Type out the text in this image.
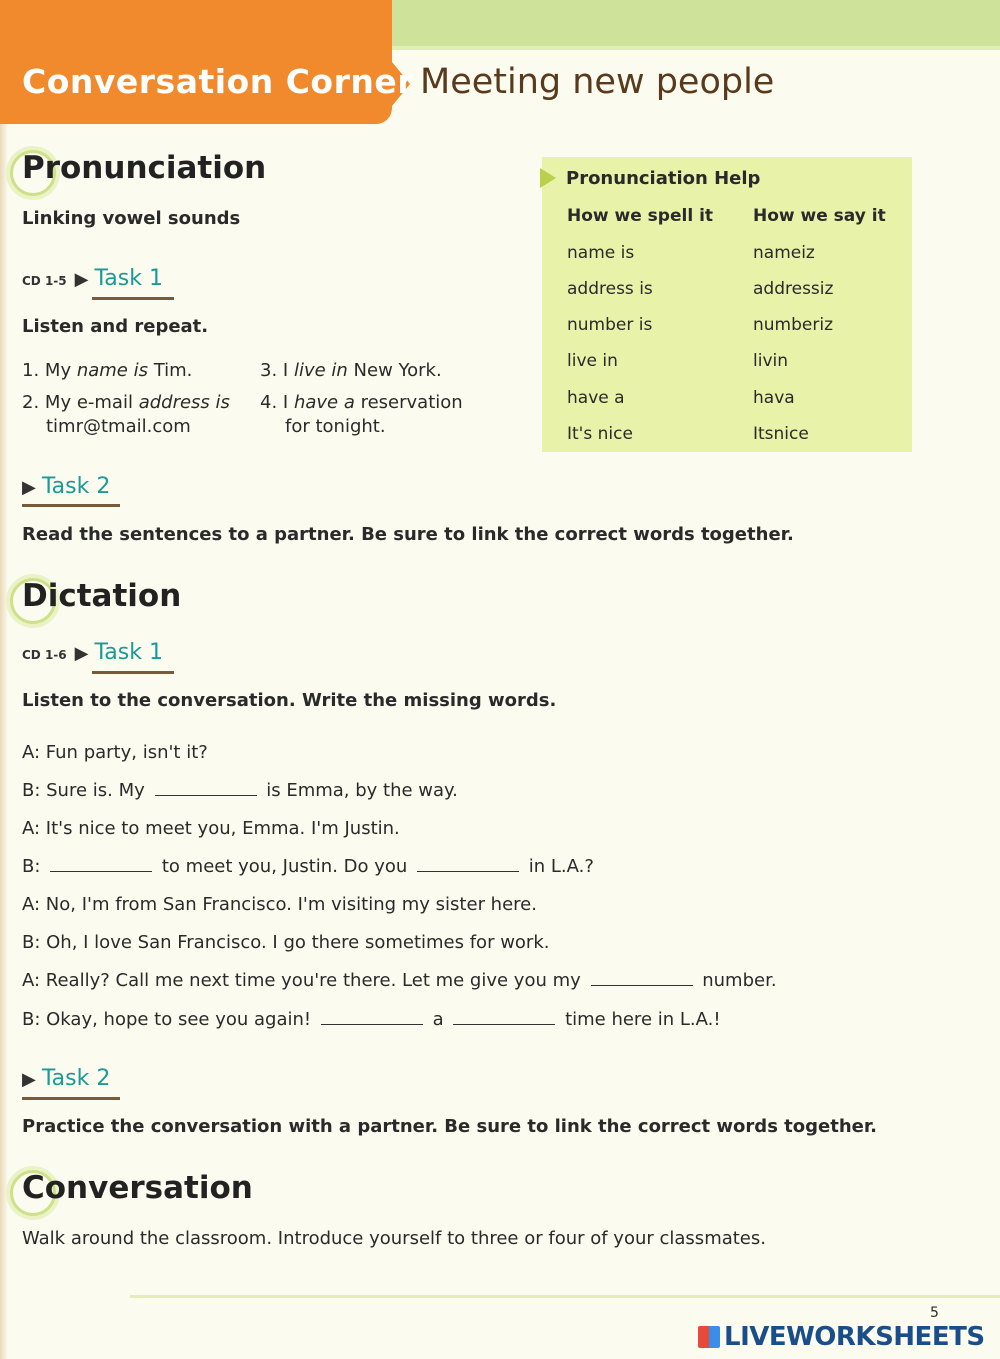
Conversation Corner Meeting new people
Pronunciation
Linking vowel sounds
CD 1-5 ▶ Task 1
Listen and repeat.
1. My name is Tim.
2. My e-mail address is
timr@tmail.com
3. I live in New York.
4. I have a reservation
for tonight.
Pronunciation Help
How we spell it How we say it
name is	nameiz
address is	addressiz
number is	numberiz
live in	livin
have a	hava
It's nice	Itsnice
▶ Task 2
Read the sentences to a partner. Be sure to link the correct words together.
Dictation
CD 1-6 ▶ Task 1
Listen to the conversation. Write the missing words.
A: Fun party, isn't it?
B: Sure is. My	is Emma, by the way.
A: It's nice to meet you, Emma. I'm Justin.
B:	to meet you, Justin. Do you	in L.A.?
A: No, I'm from San Francisco. I'm visiting my sister here.
B: Oh, I love San Francisco. I go there sometimes for work.
A: Really? Call me next time you're there. Let me give you my	number.
B: Okay, hope to see you again!	a	time here in L.A.!
▶ Task 2
Practice the conversation with a partner. Be sure to link the correct words together.
Conversation
Walk around the classroom. Introduce yourself to three or four of your classmates.
5
LIVEWORKSHEETS
